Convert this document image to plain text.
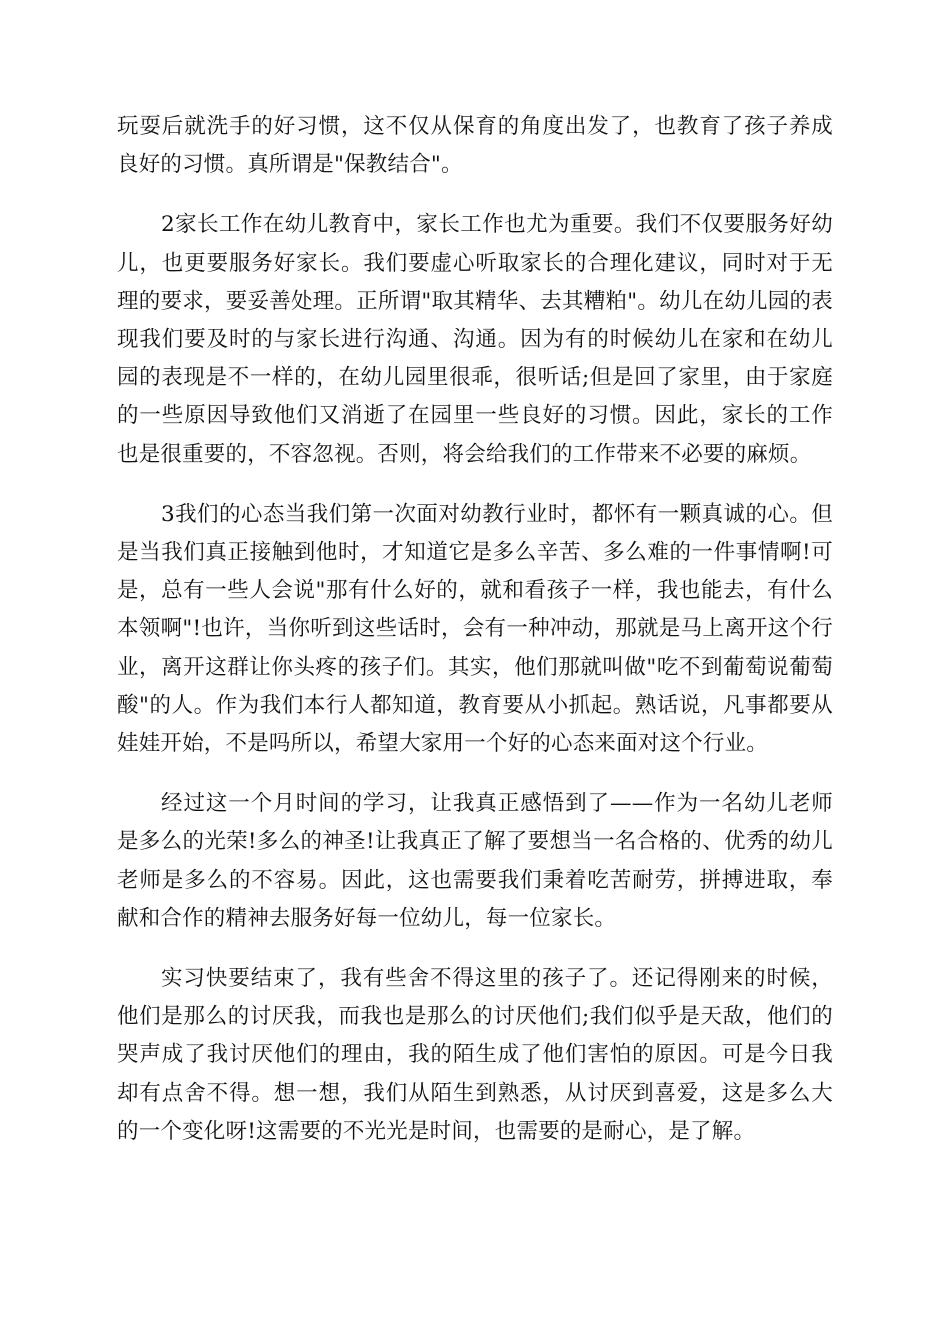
玩耍后就洗手的好习惯，这不仅从保育的角度出发了，也教育了孩子养成良好的习惯。真所谓是"保教结合"。

2家长工作在幼儿教育中，家长工作也尤为重要。我们不仅要服务好幼儿，也更要服务好家长。我们要虚心听取家长的合理化建议，同时对于无理的要求，要妥善处理。正所谓"取其精华、去其糟粕"。幼儿在幼儿园的表现我们要及时的与家长进行沟通、沟通。因为有的时候幼儿在家和在幼儿园的表现是不一样的，在幼儿园里很乖，很听话;但是回了家里，由于家庭的一些原因导致他们又消逝了在园里一些良好的习惯。因此，家长的工作也是很重要的，不容忽视。否则，将会给我们的工作带来不必要的麻烦。

3我们的心态当我们第一次面对幼教行业时，都怀有一颗真诚的心。但是当我们真正接触到他时，才知道它是多么辛苦、多么难的一件事情啊!可是，总有一些人会说"那有什么好的，就和看孩子一样，我也能去，有什么本领啊"!也许，当你听到这些话时，会有一种冲动，那就是马上离开这个行业，离开这群让你头疼的孩子们。其实，他们那就叫做"吃不到葡萄说葡萄酸"的人。作为我们本行人都知道，教育要从小抓起。熟话说，凡事都要从娃娃开始，不是吗所以，希望大家用一个好的心态来面对这个行业。

经过这一个月时间的学习，让我真正感悟到了——作为一名幼儿老师是多么的光荣!多么的神圣!让我真正了解了要想当一名合格的、优秀的幼儿老师是多么的不容易。因此，这也需要我们秉着吃苦耐劳，拼搏进取，奉献和合作的精神去服务好每一位幼儿，每一位家长。

实习快要结束了，我有些舍不得这里的孩子了。还记得刚来的时候，他们是那么的讨厌我，而我也是那么的讨厌他们;我们似乎是天敌，他们的哭声成了我讨厌他们的理由，我的陌生成了他们害怕的原因。可是今日我却有点舍不得。想一想，我们从陌生到熟悉，从讨厌到喜爱，这是多么大的一个变化呀!这需要的不光光是时间，也需要的是耐心，是了解。
